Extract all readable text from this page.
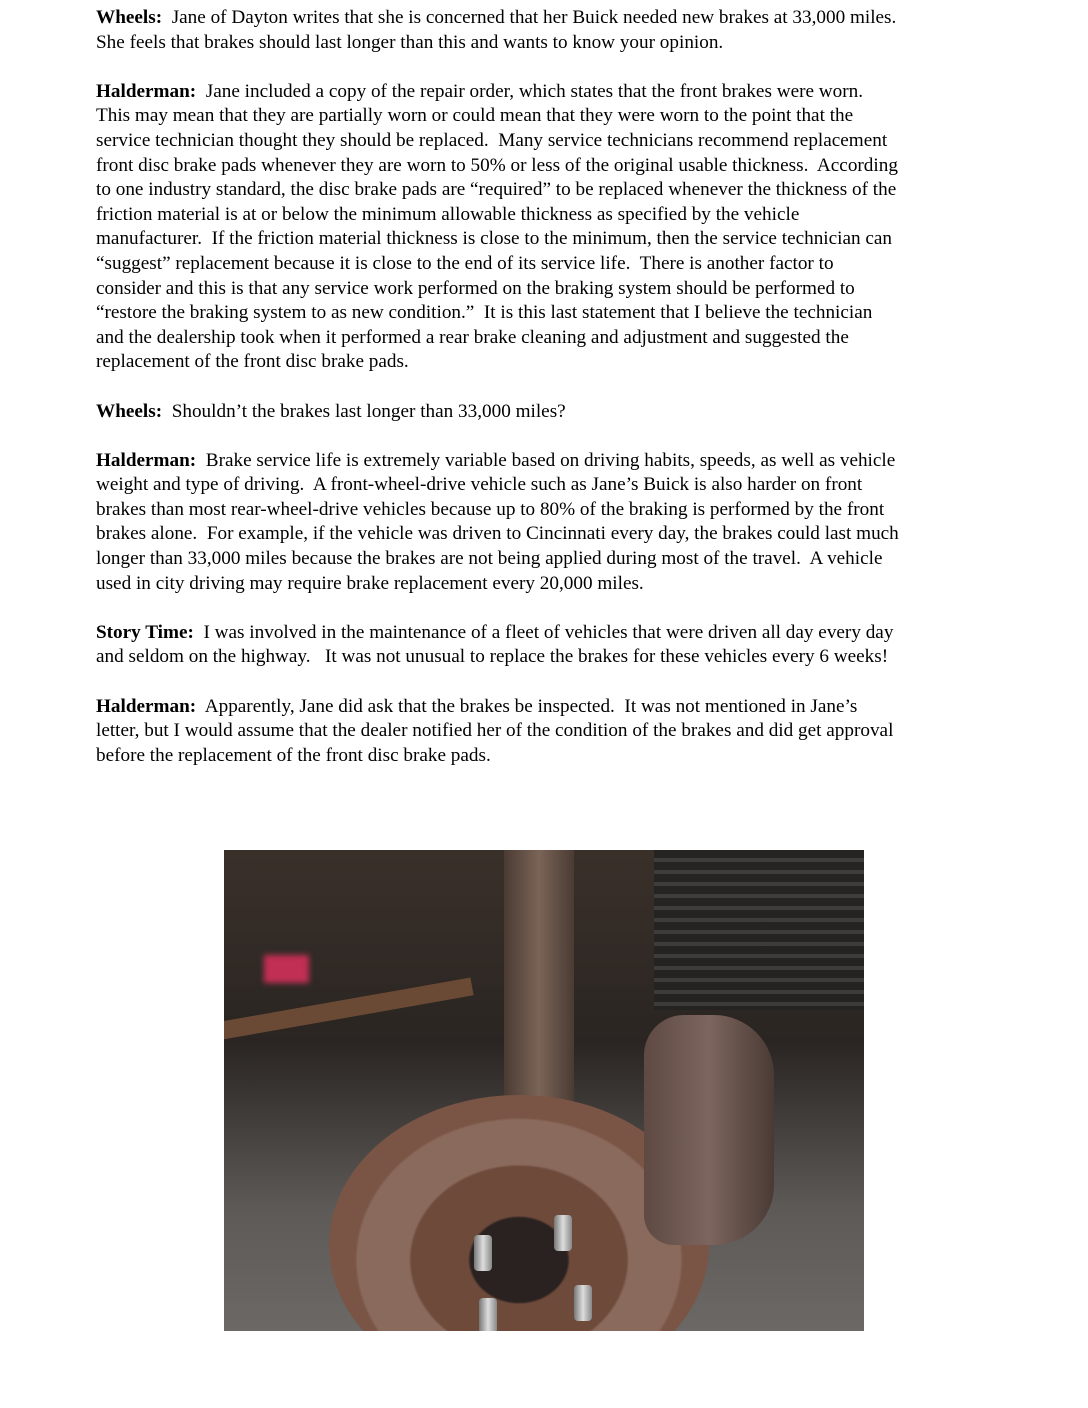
Wheels: Jane of Dayton writes that she is concerned that her Buick needed new brakes at 33,000 miles.
She feels that brakes should last longer than this and wants to know your opinion.

Halderman: Jane included a copy of the repair order, which states that the front brakes were worn.
This may mean that they are partially worn or could mean that they were worn to the point that the
service technician thought they should be replaced.  Many service technicians recommend replacement
front disc brake pads whenever they are worn to 50% or less of the original usable thickness.  According
to one industry standard, the disc brake pads are “required” to be replaced whenever the thickness of the
friction material is at or below the minimum allowable thickness as specified by the vehicle
manufacturer.  If the friction material thickness is close to the minimum, then the service technician can
“suggest” replacement because it is close to the end of its service life.  There is another factor to
consider and this is that any service work performed on the braking system should be performed to
“restore the braking system to as new condition.”  It is this last statement that I believe the technician
and the dealership took when it performed a rear brake cleaning and adjustment and suggested the
replacement of the front disc brake pads.

Wheels: Shouldn’t the brakes last longer than 33,000 miles?

Halderman: Brake service life is extremely variable based on driving habits, speeds, as well as vehicle
weight and type of driving.  A front-wheel-drive vehicle such as Jane’s Buick is also harder on front
brakes than most rear-wheel-drive vehicles because up to 80% of the braking is performed by the front
brakes alone.  For example, if the vehicle was driven to Cincinnati every day, the brakes could last much
longer than 33,000 miles because the brakes are not being applied during most of the travel.  A vehicle
used in city driving may require brake replacement every 20,000 miles.

Story Time: I was involved in the maintenance of a fleet of vehicles that were driven all day every day
and seldom on the highway.   It was not unusual to replace the brakes for these vehicles every 6 weeks!

Halderman: Apparently, Jane did ask that the brakes be inspected.  It was not mentioned in Jane’s
letter, but I would assume that the dealer notified her of the condition of the brakes and did get approval
before the replacement of the front disc brake pads.
